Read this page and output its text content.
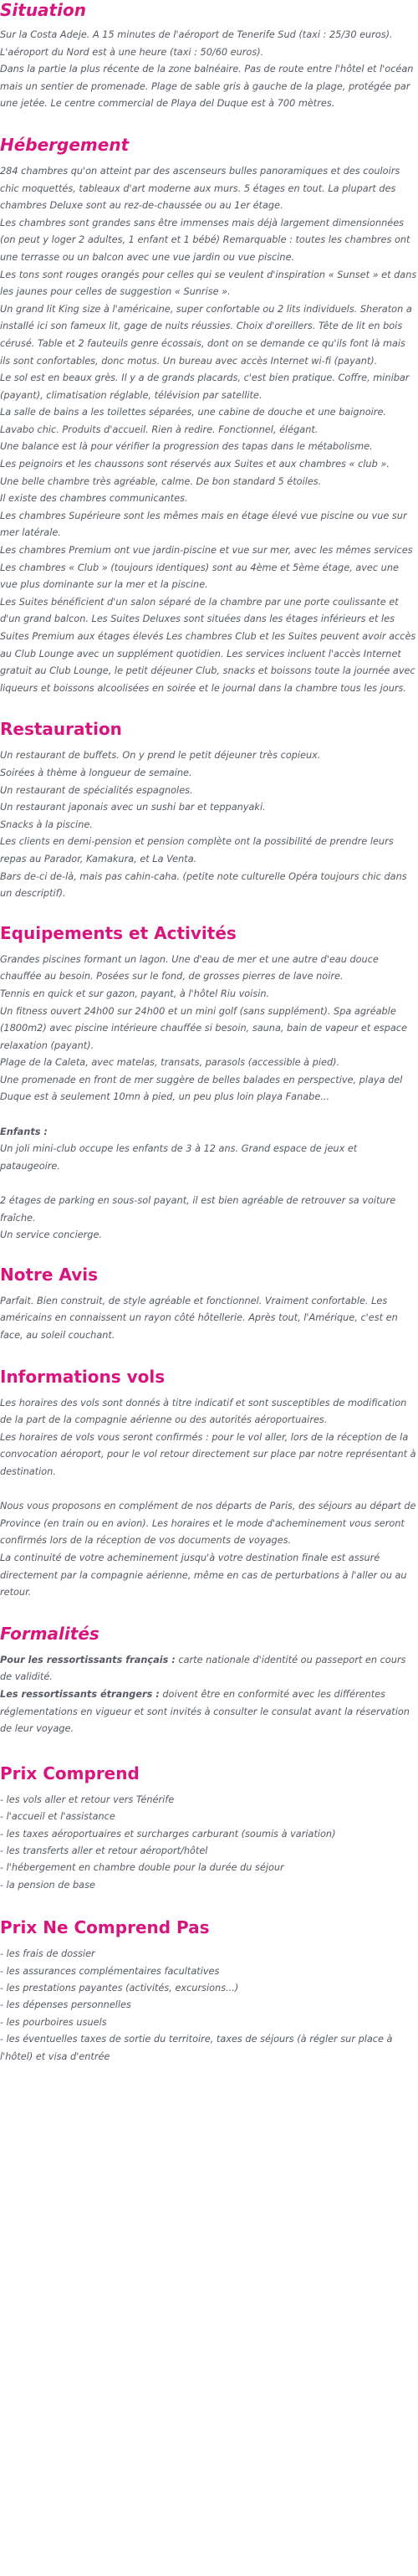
Situation

Sur la Costa Adeje. A 15 minutes de l'aéroport de Tenerife Sud (taxi : 25/30 euros). L'aéroport du Nord est à une heure (taxi : 50/60 euros).

Dans la partie la plus récente de la zone balnéaire. Pas de route entre l'hôtel et l'océan mais un sentier de promenade. Plage de sable gris à gauche de la plage, protégée par une jetée. Le centre commercial de Playa del Duque est à 700 mètres.

Hébergement

284 chambres qu'on atteint par des ascenseurs bulles panoramiques et des couloirs chic moquettés, tableaux d'art moderne aux murs. 5 étages en tout. La plupart des chambres Deluxe sont au rez-de-chaussée ou au 1er étage.

Les chambres sont grandes sans être immenses mais déjà largement dimensionnées (on peut y loger 2 adultes, 1 enfant et 1 bébé) Remarquable : toutes les chambres ont une terrasse ou un balcon avec une vue jardin ou vue piscine.

Les tons sont rouges orangés pour celles qui se veulent d'inspiration « Sunset » et dans les jaunes pour celles de suggestion « Sunrise ».

Un grand lit King size à l'américaine, super confortable ou 2 lits individuels. Sheraton a installé ici son fameux lit, gage de nuits réussies. Choix d'oreillers. Tête de lit en bois cérusé. Table et 2 fauteuils genre écossais, dont on se demande ce qu'ils font là mais ils sont confortables, donc motus. Un bureau avec accès Internet wi-fi (payant).

Le sol est en beaux grès. Il y a de grands placards, c'est bien pratique. Coffre, minibar (payant), climatisation réglable, télévision par satellite.

La salle de bains a les toilettes séparées, une cabine de douche et une baignoire. Lavabo chic. Produits d'accueil. Rien à redire. Fonctionnel, élégant.

Une balance est là pour vérifier la progression des tapas dans le métabolisme.

Les peignoirs et les chaussons sont réservés aux Suites et aux chambres « club ».

Une belle chambre très agréable, calme. De bon standard 5 étoiles.

Il existe des chambres communicantes.

Les chambres Supérieure sont les mêmes mais en étage élevé vue piscine ou vue sur mer latérale.

Les chambres Premium ont vue jardin-piscine et vue sur mer, avec les mêmes services

Les chambres « Club » (toujours identiques) sont au 4ème et 5ème étage, avec une vue plus dominante sur la mer et la piscine.

Les Suites bénéficient d'un salon séparé de la chambre par une porte coulissante et d'un grand balcon. Les Suites Deluxes sont situées dans les étages inférieurs et les Suites Premium aux étages élevés Les chambres Club et les Suites peuvent avoir accès au Club Lounge avec un supplément quotidien. Les services incluent l'accès Internet gratuit au Club Lounge, le petit déjeuner Club, snacks et boissons toute la journée avec liqueurs et boissons alcoolisées en soirée et le journal dans la chambre tous les jours.

Restauration

Un restaurant de buffets. On y prend le petit déjeuner très copieux.

Soirées à thème à longueur de semaine.

Un restaurant de spécialités espagnoles.

Un restaurant japonais avec un sushi bar et teppanyaki.

Snacks à la piscine.

Les clients en demi-pension et pension complète ont la possibilité de prendre leurs repas au Parador, Kamakura, et La Venta.

Bars de-ci de-là, mais pas cahin-caha. (petite note culturelle Opéra toujours chic dans un descriptif).

Equipements et Activités

Grandes piscines formant un lagon. Une d'eau de mer et une autre d'eau douce chauffée au besoin. Posées sur le fond, de grosses pierres de lave noire.

Tennis en quick et sur gazon, payant, à l'hôtel Riu voisin.

Un fitness ouvert 24h00 sur 24h00 et un mini golf (sans supplément). Spa agréable (1800m2) avec piscine intérieure chauffée si besoin, sauna, bain de vapeur et espace relaxation (payant).

Plage de la Caleta, avec matelas, transats, parasols (accessible à pied).

Une promenade en front de mer suggère de belles balades en perspective, playa del Duque est à seulement 10mn à pied, un peu plus loin playa Fanabe...

Enfants :

Un joli mini-club occupe les enfants de 3 à 12 ans. Grand espace de jeux et pataugeoire.

2 étages de parking en sous-sol payant, il est bien agréable de retrouver sa voiture fraîche.

Un service concierge.

Notre Avis

Parfait. Bien construit, de style agréable et fonctionnel. Vraiment confortable. Les américains en connaissent un rayon côté hôtellerie. Après tout, l'Amérique, c'est en face, au soleil couchant.

Informations vols

Les horaires des vols sont donnés à titre indicatif et sont susceptibles de modification de la part de la compagnie aérienne ou des autorités aéroportuaires.

Les horaires de vols vous seront confirmés : pour le vol aller, lors de la réception de la convocation aéroport, pour le vol retour directement sur place par notre représentant à destination.

Nous vous proposons en complément de nos départs de Paris, des séjours au départ de Province (en train ou en avion). Les horaires et le mode d'acheminement vous seront confirmés lors de la réception de vos documents de voyages.

La continuité de votre acheminement jusqu'à votre destination finale est assuré directement par la compagnie aérienne, même en cas de perturbations à l'aller ou au retour.

Formalités

Pour les ressortissants français : carte nationale d'identité ou passeport en cours de validité.

Les ressortissants étrangers : doivent être en conformité avec les différentes réglementations en vigueur et sont invités à consulter le consulat avant la réservation de leur voyage.

Prix Comprend
- les vols aller et retour vers Ténérife
- l'accueil et l'assistance
- les taxes aéroportuaires et surcharges carburant (soumis à variation)
- les transferts aller et retour aéroport/hôtel
- l'hébergement en chambre double pour la durée du séjour
- la pension de base
Prix Ne Comprend Pas
- les frais de dossier
- les assurances complémentaires facultatives
- les prestations payantes (activités, excursions...)
- les dépenses personnelles
- les pourboires usuels
- les éventuelles taxes de sortie du territoire, taxes de séjours (à régler sur place à l'hôtel) et visa d'entrée
